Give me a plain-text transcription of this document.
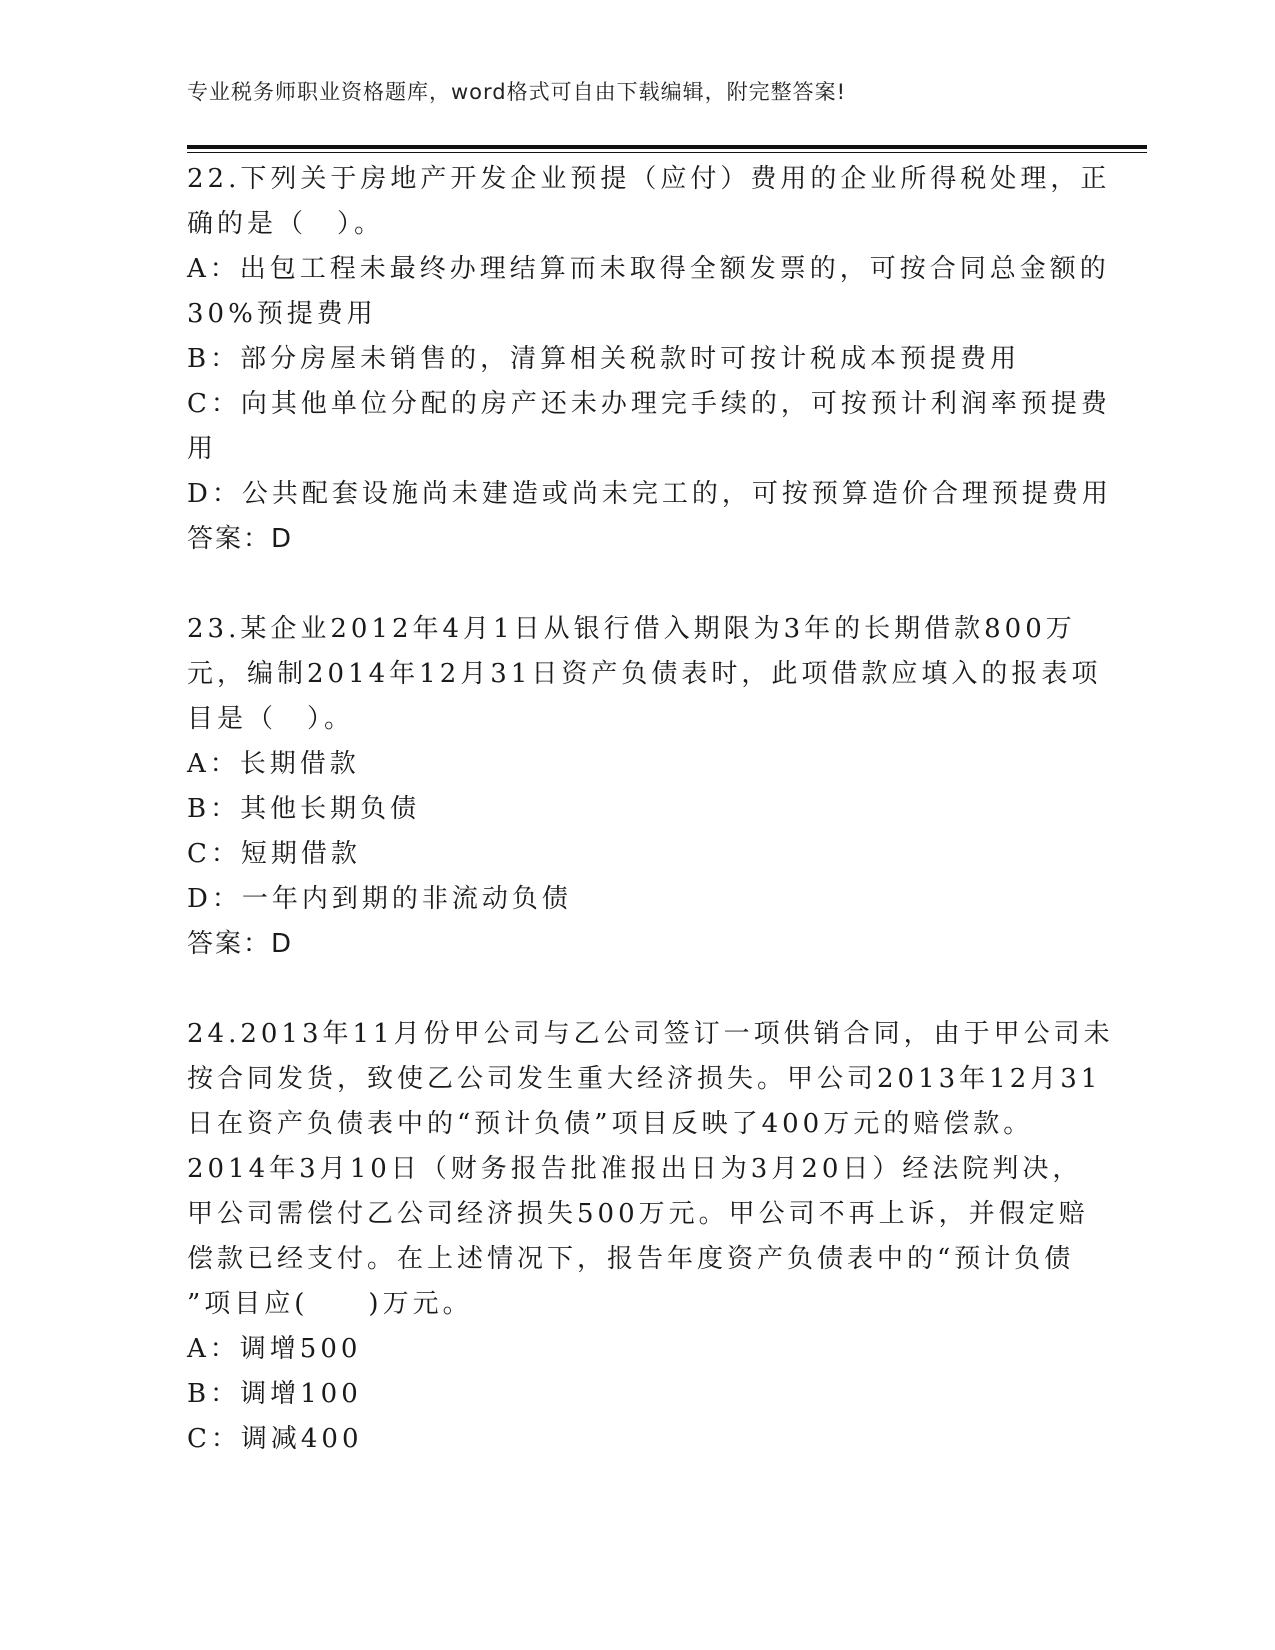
专业税务师职业资格题库，word格式可自由下载编辑，附完整答案!
22.下列关于房地产开发企业预提（应付）费用的企业所得税处理，正
确的是（　）。
A：出包工程未最终办理结算而未取得全额发票的，可按合同总金额的
30%预提费用
B：部分房屋未销售的，清算相关税款时可按计税成本预提费用
C：向其他单位分配的房产还未办理完手续的，可按预计利润率预提费
用
D：公共配套设施尚未建造或尚未完工的，可按预算造价合理预提费用
答案：D
23.某企业2012年4月1日从银行借入期限为3年的长期借款800万
元，编制2014年12月31日资产负债表时，此项借款应填入的报表项
目是（　）。
A：长期借款
B：其他长期负债
C：短期借款
D：一年内到期的非流动负债
答案：D
24.2013年11月份甲公司与乙公司签订一项供销合同，由于甲公司未
按合同发货，致使乙公司发生重大经济损失。甲公司2013年12月31
日在资产负债表中的“预计负债”项目反映了400万元的赔偿款。
2014年3月10日（财务报告批准报出日为3月20日）经法院判决，
甲公司需偿付乙公司经济损失500万元。甲公司不再上诉，并假定赔
偿款已经支付。在上述情况下，报告年度资产负债表中的“预计负债
”项目应(　　)万元。
A：调增500
B：调增100
C：调减400
